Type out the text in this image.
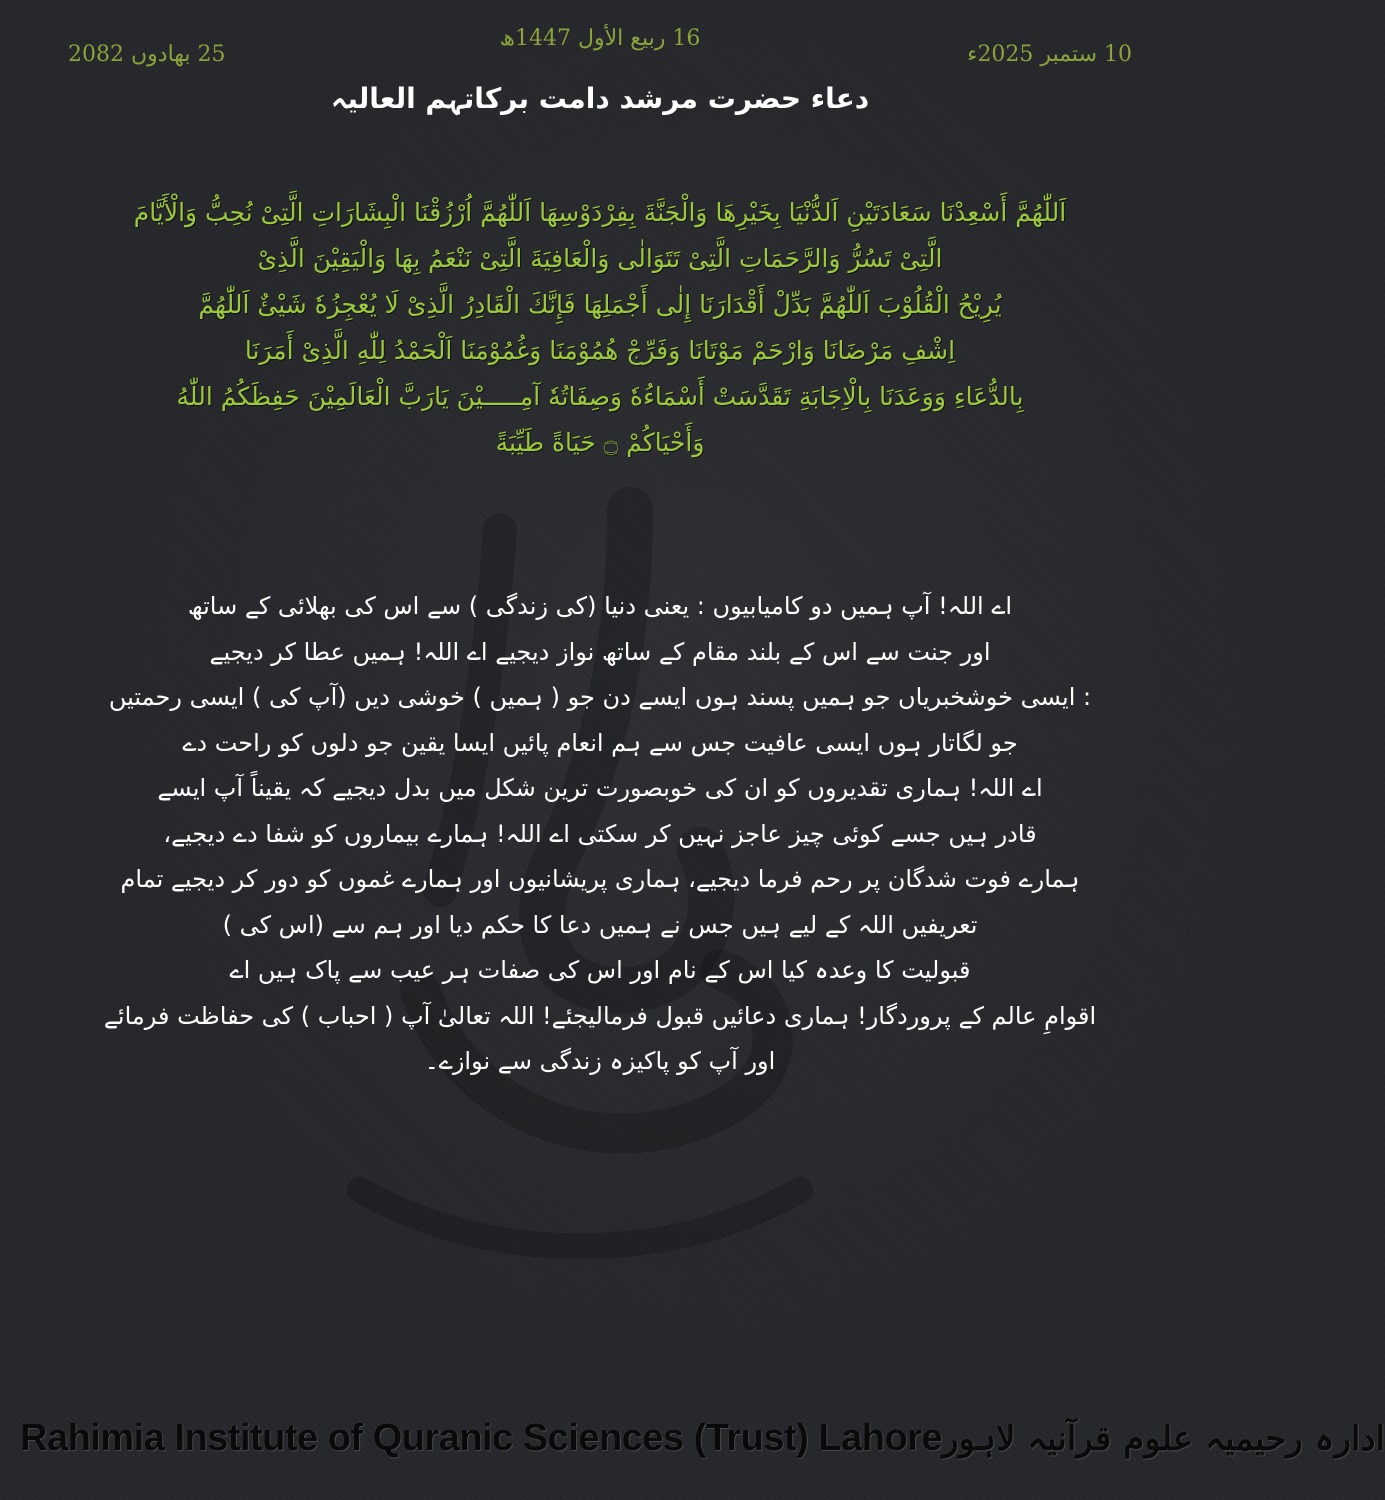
10 ستمبر 2025ء
16 ربیع الأول 1447ھ
25 بھادوں 2082
دعاء حضرت مرشد دامت برکاتہم العالیہ
اَللّٰهُمَّ أَسْعِدْنَا سَعَادَتَيْنِ اَلدُّنْيَا بِخَيْرِهَا وَالْجَنَّةَ بِفِرْدَوْسِهَا اَللّٰهُمَّ اُرْزُقْنَا الْبِشَارَاتِ الَّتِىْ نُحِبُّ وَالْأَيَّامَ
الَّتِىْ تَسُرُّ وَالرَّحَمَاتِ الَّتِىْ تَتَوَالٰى وَالْعَافِيَةَ الَّتِىْ نَنْعَمُ بِهَا وَالْيَقِيْنَ الَّذِىْ
يُرِيْحُ الْقُلُوْبَ اَللّٰهُمَّ بَدِّلْ أَقْدَارَنَا إِلٰى أَجْمَلِهَا فَإِنَّكَ الْقَادِرُ الَّذِىْ لَا يُعْجِزُهٗ شَيْئٌ اَللّٰهُمَّ
اِشْفِ مَرْضَانَا وَارْحَمْ مَوْتَانَا وَفَرِّجْ هُمُوْمَنَا وَغُمُوْمَنَا اَلْحَمْدُ لِلّٰهِ الَّذِىْ أَمَرَنَا
بِالدُّعَاءِ وَوَعَدَنَا بِالْاِجَابَةِ تَقَدَّسَتْ أَسْمَاءُهٗ وَصِفَاتُهٗ آمِـــــيْنَ يَارَبَّ الْعَالَمِيْنَ حَفِظَكُمُ اللّٰهُ
وَأَحْيَاكُمْ ۝ حَيَاةً طَيِّبَةً
اے اللہ! آپ ہمیں دو کامیابیوں : یعنی دنیا (کی زندگی ) سے اس کی بھلائی کے ساتھ
اور جنت سے اس کے بلند مقام کے ساتھ نواز دیجیے اے اللہ! ہمیں عطا کر دیجیے
: ایسی خوشخبریاں جو ہمیں پسند ہوں ایسے دن جو ( ہمیں ) خوشی دیں (آپ کی ) ایسی رحمتیں
جو لگاتار ہوں ایسی عافیت جس سے ہم انعام پائیں ایسا یقین جو دلوں کو راحت دے
اے اللہ! ہماری تقدیروں کو ان کی خوبصورت ترین شکل میں بدل دیجیے کہ یقیناً آپ ایسے
قادر ہیں جسے کوئی چیز عاجز نہیں کر سکتی اے اللہ! ہمارے بیماروں کو شفا دے دیجیے،
ہمارے فوت شدگان پر رحم فرما دیجیے، ہماری پریشانیوں اور ہمارے غموں کو دور کر دیجیے تمام
تعریفیں اللہ کے لیے ہیں جس نے ہمیں دعا کا حکم دیا اور ہم سے (اس کی )
قبولیت کا وعدہ کیا اس کے نام اور اس کی صفات ہر عیب سے پاک ہیں اے
اقوامِ عالم کے پروردگار! ہماری دعائیں قبول فرمالیجئے! اللہ تعالیٰ آپ ( احباب ) کی حفاظت فرمائے
اور آپ کو پاکیزہ زندگی سے نوازے۔
Rahimia Institute of Quranic Sciences (Trust) Lahore ادارہ رحیمیہ علوم قرآنیہ لاہور
